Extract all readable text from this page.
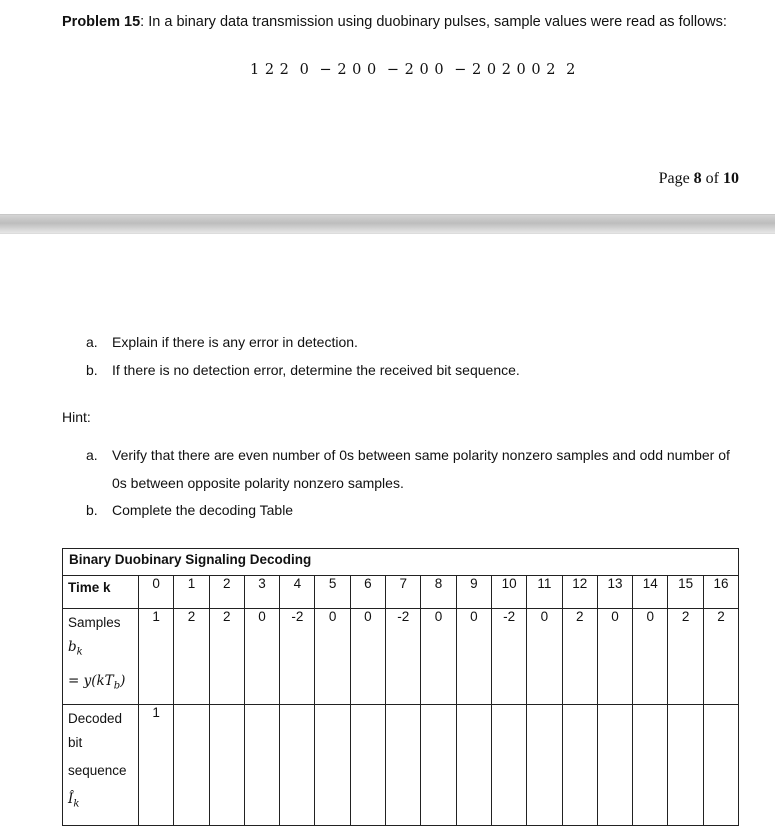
Problem 15: In a binary data transmission using duobinary pulses, sample values were read as follows:
1 2 2  0  − 2 0 0  − 2 0 0  − 2 0 2 0 0 2  2
Page 8 of 10
a. Explain if there is any error in detection.
b. If there is no detection error, determine the received bit sequence.
Hint:
a. Verify that there are even number of 0s between same polarity nonzero samples and odd number of
0s between opposite polarity nonzero samples.
b. Complete the decoding Table
Binary Duobinary Signaling Decoding																	
Time k	0	1	2	3	4	5	6	7	8	9	10	11	12	13	14	15	16

Samples
$b_k$
= $y(kT_b)$	1	2	2	0	-2	0	0	-2	0	0	-2	0	2	0	0	2	2

Decoded
bit
sequence
$Î_k$	1																
